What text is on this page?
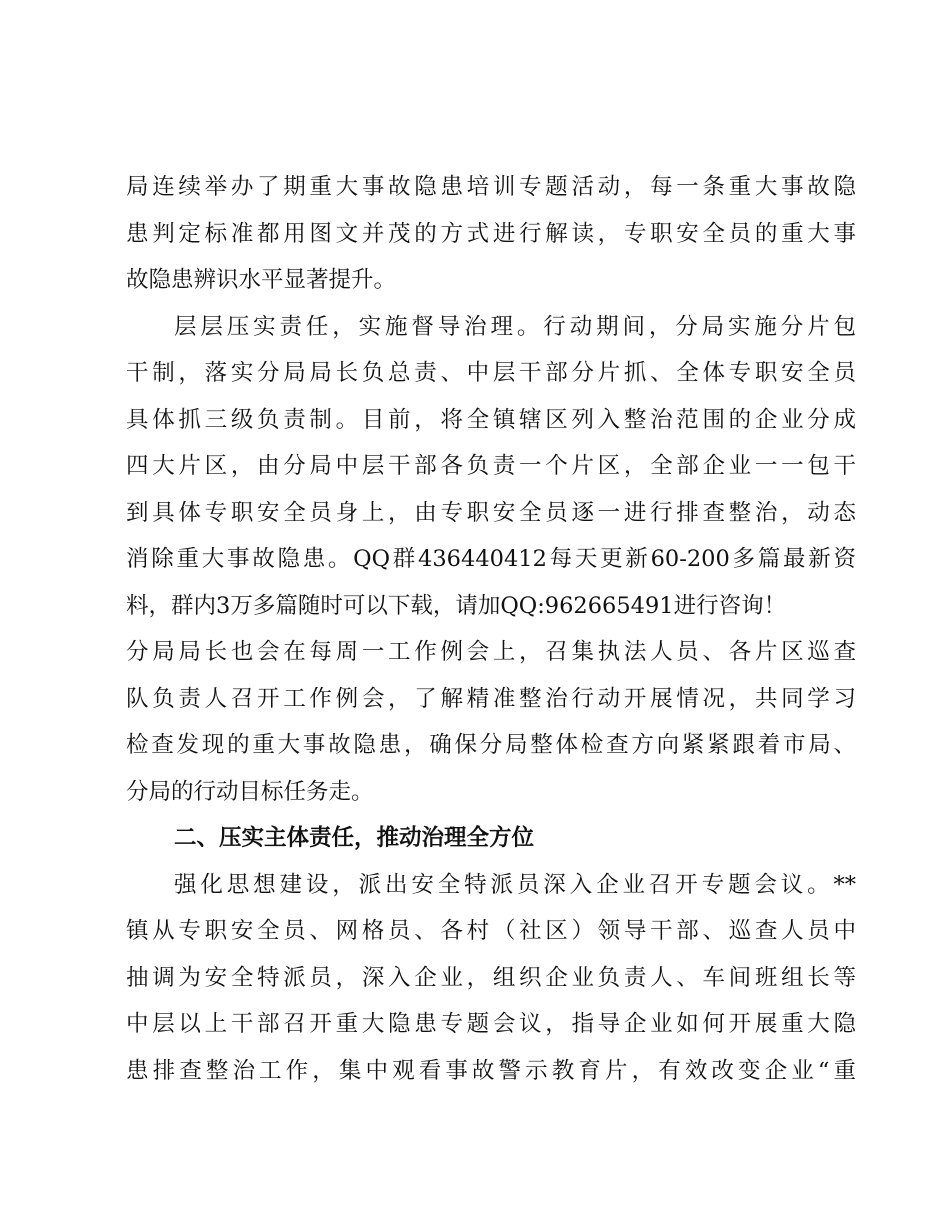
局连续举办了期重大事故隐患培训专题活动，每一条重大事故隐
患判定标准都用图文并茂的方式进行解读，专职安全员的重大事
故隐患辨识水平显著提升。
层层压实责任，实施督导治理。行动期间，分局实施分片包
干制，落实分局局长负总责、中层干部分片抓、全体专职安全员
具体抓三级负责制。目前，将全镇辖区列入整治范围的企业分成
四大片区，由分局中层干部各负责一个片区，全部企业一一包干
到具体专职安全员身上，由专职安全员逐一进行排查整治，动态
消除重大事故隐患。QQ群436440412每天更新60-200多篇最新资
料，群内3万多篇随时可以下载，请加QQ:962665491进行咨询！
分局局长也会在每周一工作例会上，召集执法人员、各片区巡查
队负责人召开工作例会，了解精准整治行动开展情况，共同学习
检查发现的重大事故隐患，确保分局整体检查方向紧紧跟着市局、
分局的行动目标任务走。
二、压实主体责任，推动治理全方位
强化思想建设，派出安全特派员深入企业召开专题会议。**
镇从专职安全员、网格员、各村（社区）领导干部、巡查人员中
抽调为安全特派员，深入企业，组织企业负责人、车间班组长等
中层以上干部召开重大隐患专题会议，指导企业如何开展重大隐
患排查整治工作，集中观看事故警示教育片，有效改变企业“重
